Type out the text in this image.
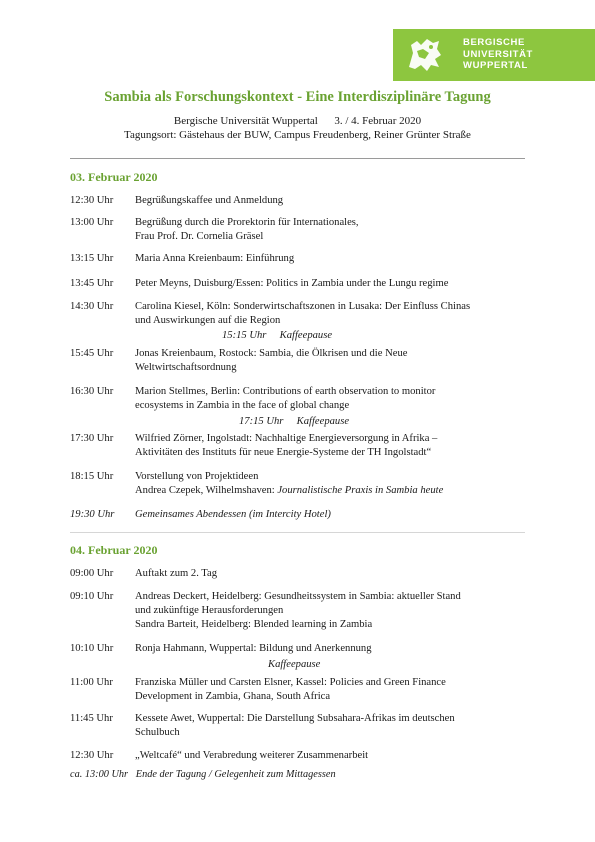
BERGISCHE
UNIVERSITÄT
WUPPERTAL
Sambia als Forschungskontext - Eine Interdisziplinäre Tagung
Bergische Universität Wuppertal      3. / 4. Februar 2020
Tagungsort: Gästehaus der BUW, Campus Freudenberg, Reiner Grünter Straße
03. Februar 2020
12:30 Uhr Begrüßungskaffee und Anmeldung
13:00 Uhr Begrüßung durch die Prorektorin für Internationales,
Frau Prof. Dr. Cornelia Gräsel
13:15 Uhr Maria Anna Kreienbaum: Einführung
13:45 Uhr Peter Meyns, Duisburg/Essen: Politics in Zambia under the Lungu regime
14:30 Uhr Carolina Kiesel, Köln: Sonderwirtschaftszonen in Lusaka: Der Einfluss Chinas
und Auswirkungen auf die Region
15:15 Uhr     Kaffeepause
15:45 Uhr Jonas Kreienbaum, Rostock: Sambia, die Ölkrisen und die Neue
Weltwirtschaftsordnung
16:30 Uhr Marion Stellmes, Berlin: Contributions of earth observation to monitor
ecosystems in Zambia in the face of global change
17:15 Uhr     Kaffeepause
17:30 Uhr Wilfried Zörner, Ingolstadt: Nachhaltige Energieversorgung in Afrika –
Aktivitäten des Instituts für neue Energie-Systeme der TH Ingolstadt“
18:15 Uhr Vorstellung von Projektideen
Andrea Czepek, Wilhelmshaven: Journalistische Praxis in Sambia heute
19:30 Uhr Gemeinsames Abendessen (im Intercity Hotel)
04. Februar 2020
09:00 Uhr Auftakt zum 2. Tag
09:10 Uhr Andreas Deckert, Heidelberg: Gesundheitssystem in Sambia: aktueller Stand
und zukünftige Herausforderungen
Sandra Barteit, Heidelberg: Blended learning in Zambia
10:10 Uhr Ronja Hahmann, Wuppertal: Bildung und Anerkennung
Kaffeepause
11:00 Uhr Franziska Müller und Carsten Elsner, Kassel: Policies and Green Finance
Development in Zambia, Ghana, South Africa
11:45 Uhr Kessete Awet, Wuppertal: Die Darstellung Subsahara-Afrikas im deutschen
Schulbuch
12:30 Uhr „Weltcafé“ und Verabredung weiterer Zusammenarbeit
ca. 13:00 Uhr   Ende der Tagung / Gelegenheit zum Mittagessen
